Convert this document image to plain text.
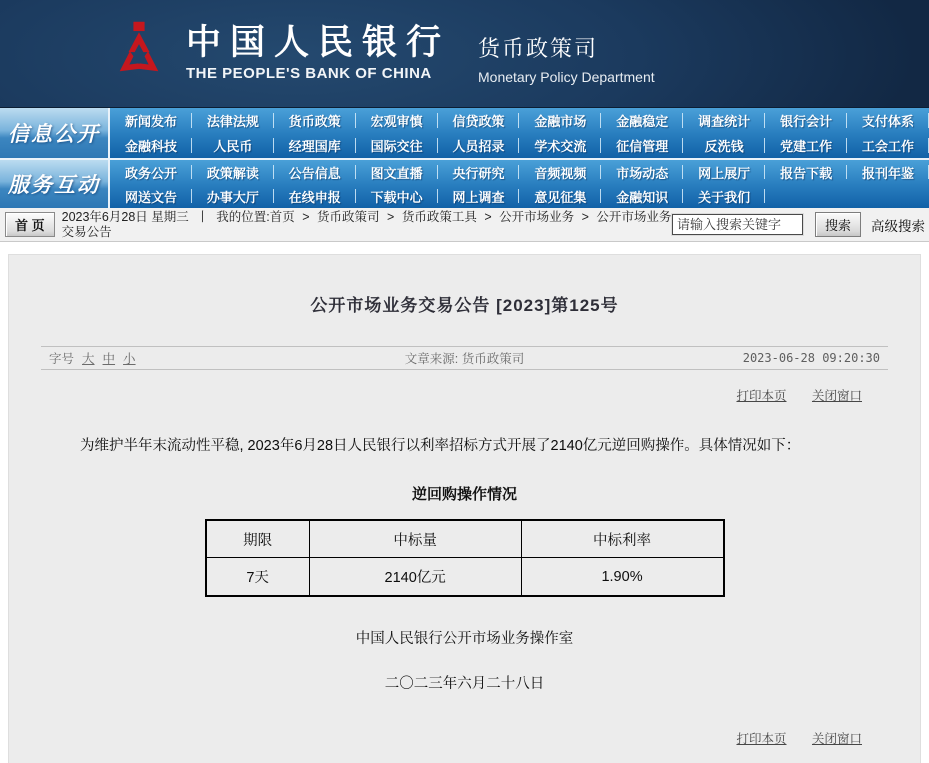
中国人民银行
THE PEOPLE'S BANK OF CHINA
货币政策司
Monetary Policy Department
信息公开
新闻发布	法律法规	货币政策	宏观审慎	信贷政策	金融市场	金融稳定	调查统计	银行会计	支付体系
金融科技	人民币	经理国库	国际交往	人员招录	学术交流	征信管理	反洗钱	党建工作	工会工作
服务互动
政务公开	政策解读	公告信息	图文直播	央行研究	音频视频	市场动态	网上展厅	报告下载	报刊年鉴
网送文告	办事大厅	在线申报	下载中心	网上调查	意见征集	金融知识	关于我们
首 页
2023年6月28日 星期三 丨 我的位置:首页 > 货币政策司 > 货币政策工具 > 公开市场业务 > 公开市场业务交易公告
请输入搜索关键字	搜索	高级搜索
公开市场业务交易公告 [2023]第125号
字号 大 中 小	文章来源: 货币政策司	2023-06-28 09:20:30
打印本页 关闭窗口
为维护半年末流动性平稳, 2023年6月28日人民银行以利率招标方式开展了2140亿元逆回购操作。具体情况如下：
逆回购操作情况
期限	中标量	中标利率
7天	2140亿元	1.90%
中国人民银行公开市场业务操作室
二〇二三年六月二十八日
打印本页 关闭窗口
